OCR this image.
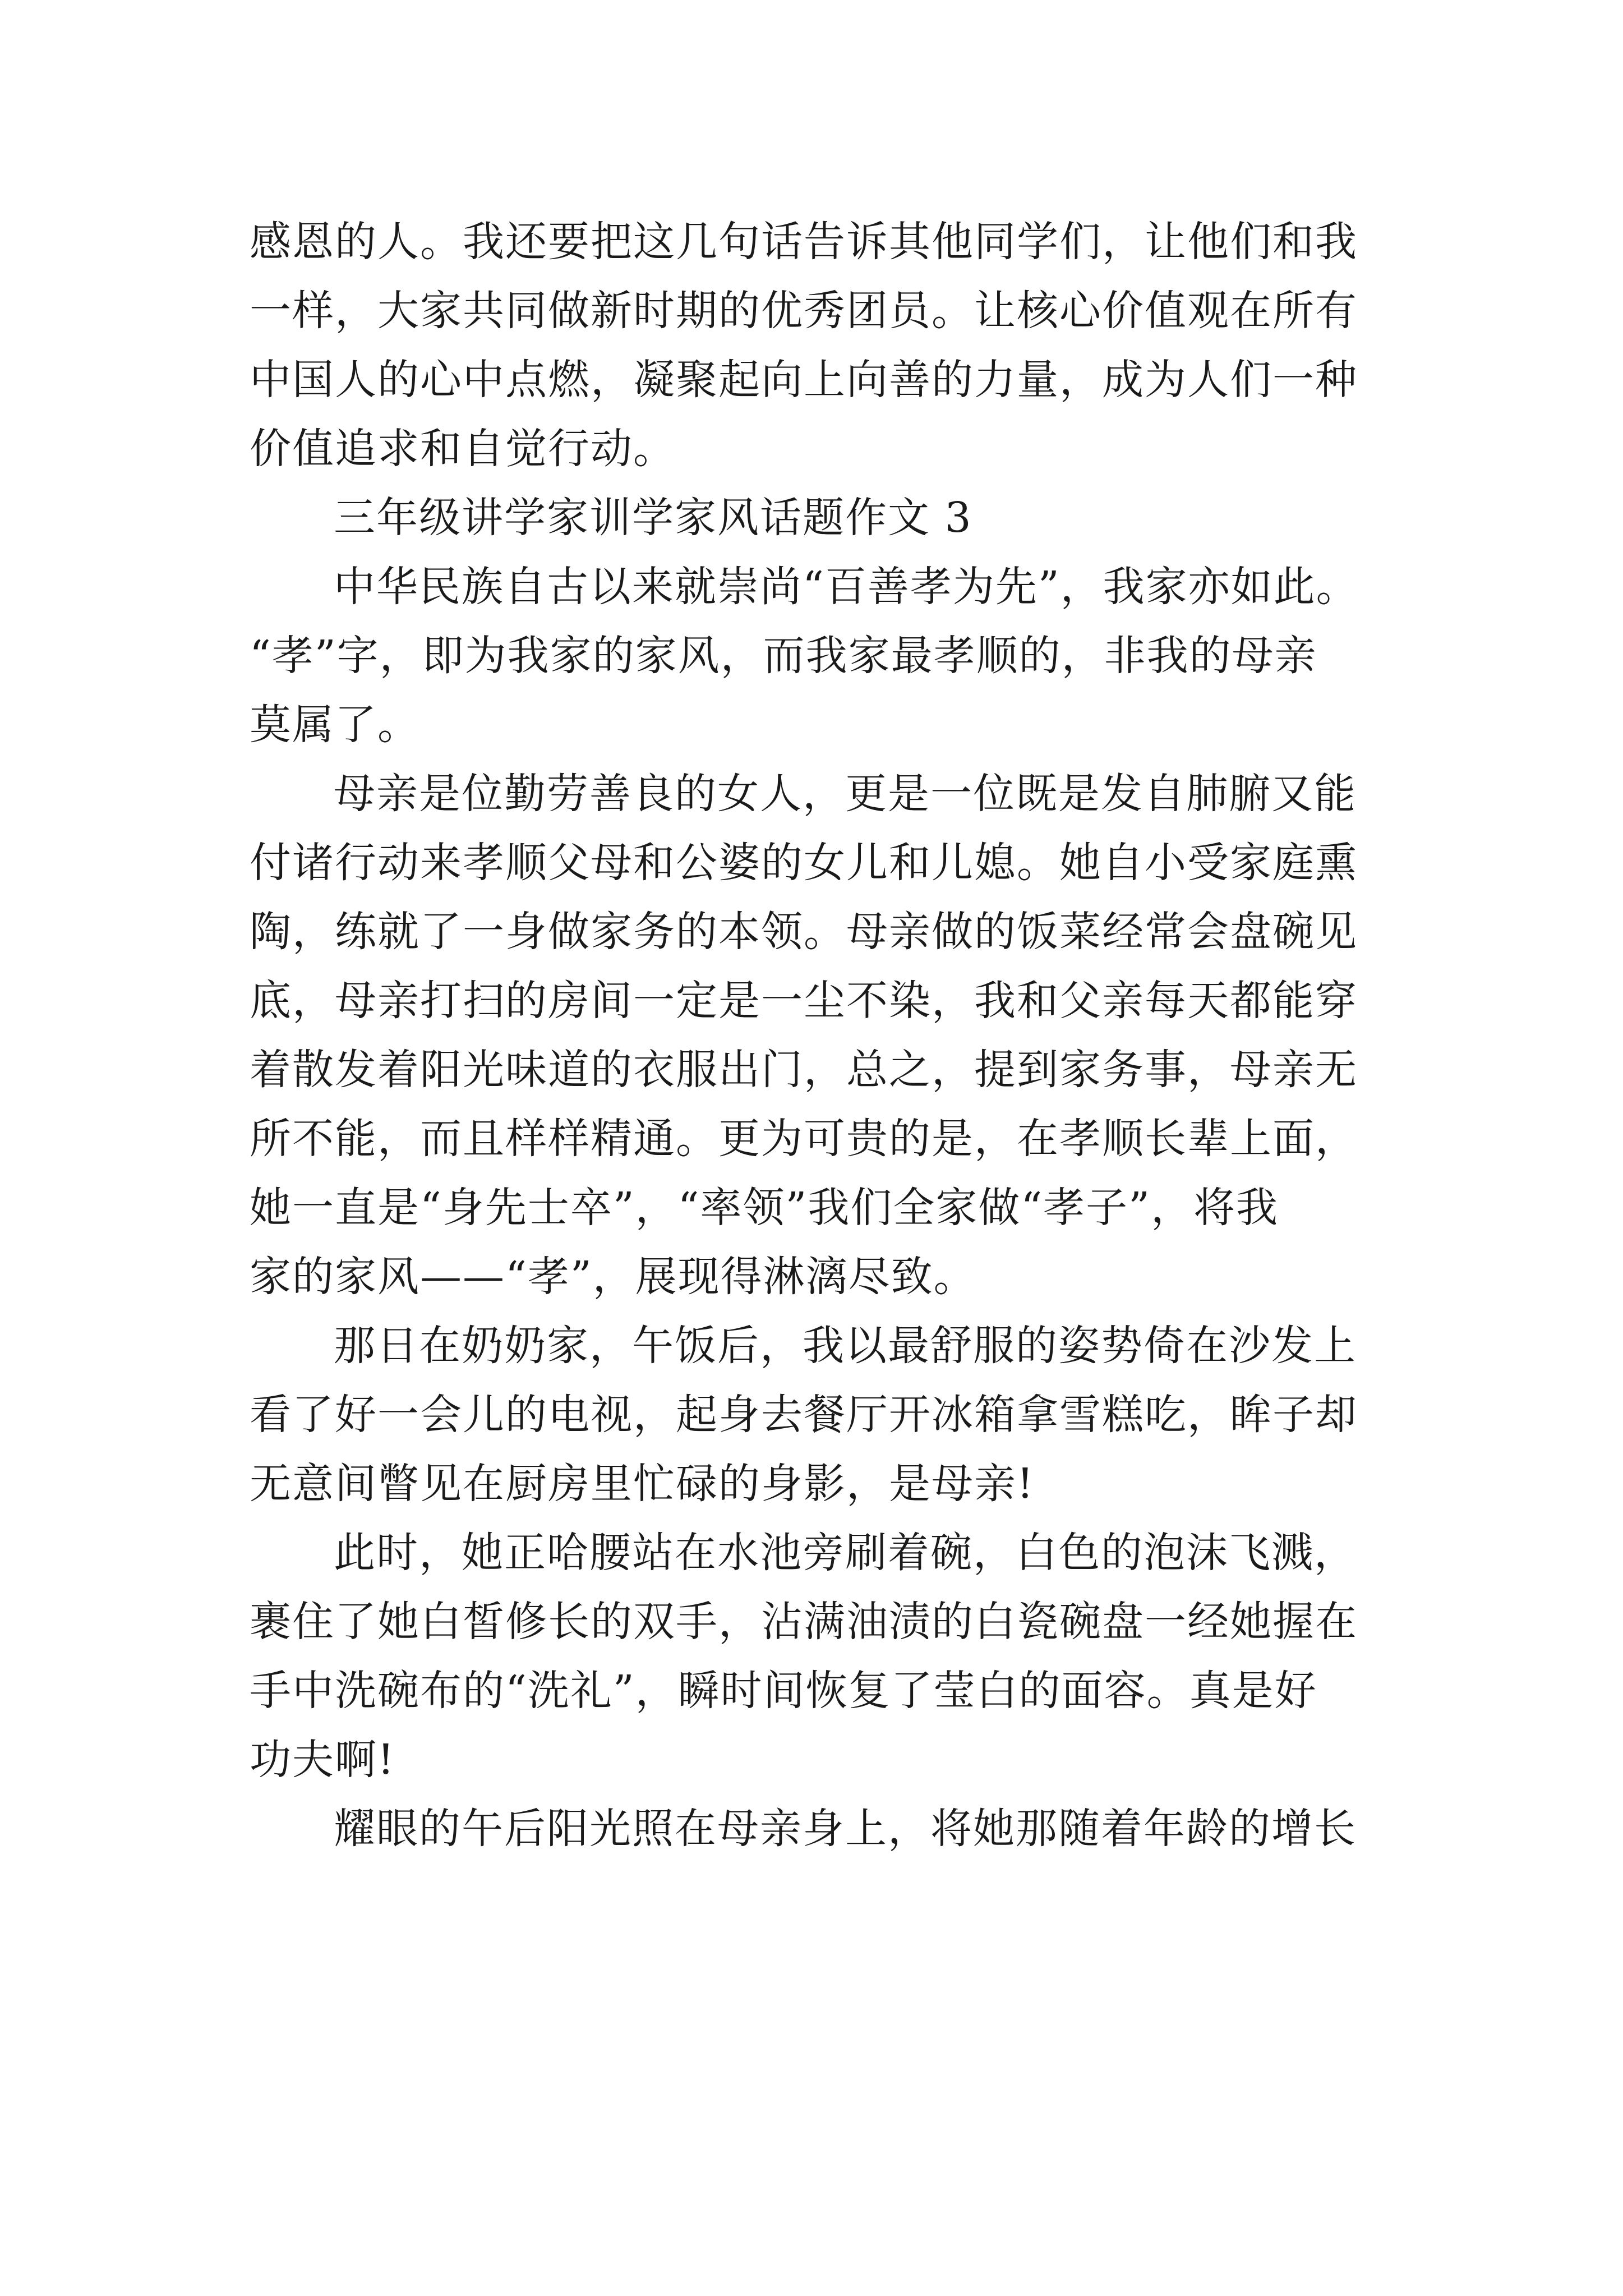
感恩的人。我还要把这几句话告诉其他同学们，让他们和我
一样，大家共同做新时期的优秀团员。让核心价值观在所有
中国人的心中点燃，凝聚起向上向善的力量，成为人们一种
价值追求和自觉行动。
三年级讲学家训学家风话题作文 3
中华民族自古以来就崇尚“百善孝为先”，我家亦如此。
“孝”字，即为我家的家风，而我家最孝顺的，非我的母亲
莫属了。
母亲是位勤劳善良的女人，更是一位既是发自肺腑又能
付诸行动来孝顺父母和公婆的女儿和儿媳。她自小受家庭熏
陶，练就了一身做家务的本领。母亲做的饭菜经常会盘碗见
底，母亲打扫的房间一定是一尘不染，我和父亲每天都能穿
着散发着阳光味道的衣服出门，总之，提到家务事，母亲无
所不能，而且样样精通。更为可贵的是，在孝顺长辈上面，
她一直是“身先士卒”，“率领”我们全家做“孝子”，将我
家的家风——“孝”，展现得淋漓尽致。
那日在奶奶家，午饭后，我以最舒服的姿势倚在沙发上
看了好一会儿的电视，起身去餐厅开冰箱拿雪糕吃，眸子却
无意间瞥见在厨房里忙碌的身影，是母亲!
此时，她正哈腰站在水池旁刷着碗，白色的泡沫飞溅，
裹住了她白皙修长的双手，沾满油渍的白瓷碗盘一经她握在
手中洗碗布的“洗礼”，瞬时间恢复了莹白的面容。真是好
功夫啊!
耀眼的午后阳光照在母亲身上，将她那随着年龄的增长
